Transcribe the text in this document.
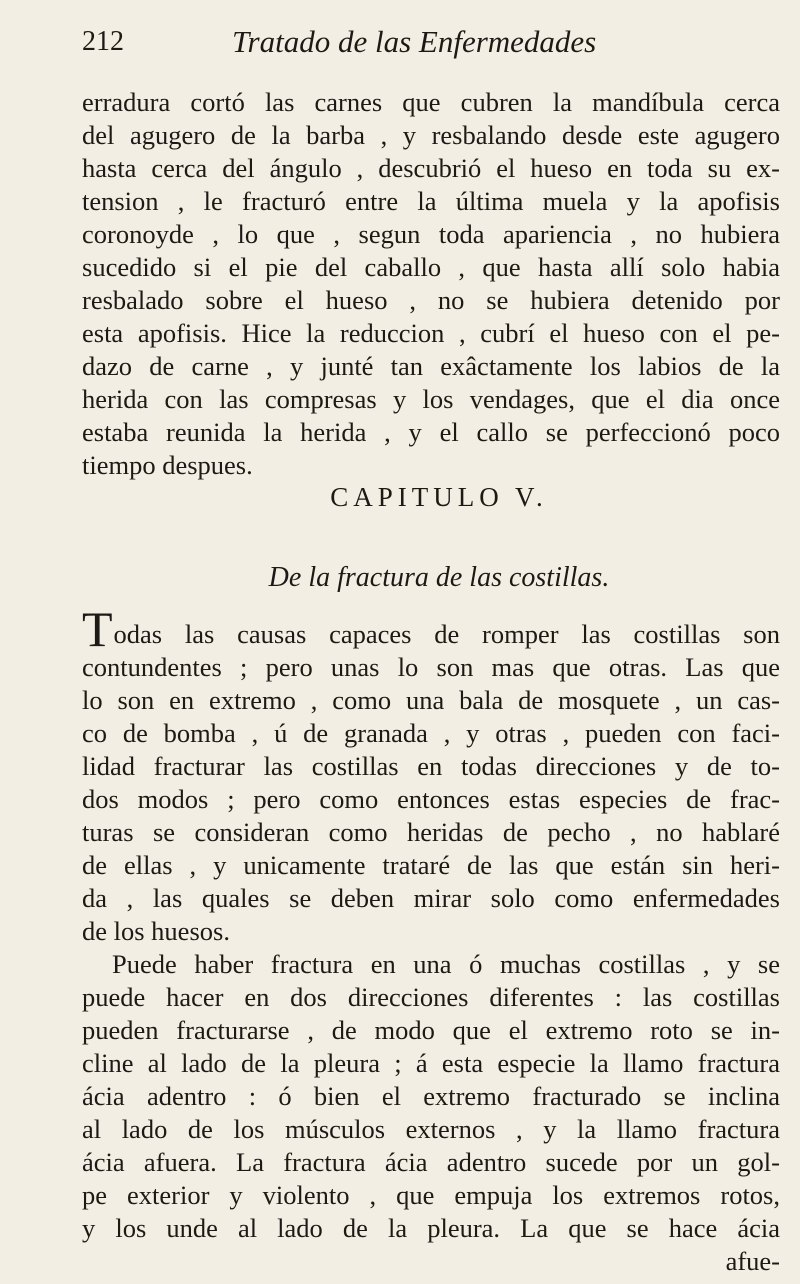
212	Tratado de las Enfermedades
erradura cortó las carnes que cubren la mandíbula cerca
del agugero de la barba , y resbalando desde este agugero
hasta cerca del ángulo , descubrió el hueso en toda su ex-
tension , le fracturó entre la última muela y la apofisis
coronoyde , lo que , segun toda apariencia , no hubiera
sucedido si el pie del caballo , que hasta allí solo habia
resbalado sobre el hueso , no se hubiera detenido por
esta apofisis. Hice la reduccion , cubrí el hueso con el pe-
dazo de carne , y junté tan exâctamente los labios de la
herida con las compresas y los vendages, que el dia once
estaba reunida la herida , y el callo se perfeccionó poco
tiempo despues.
CAPITULO V.
De la fractura de las costillas.
Todas las causas capaces de romper las costillas son
contundentes ; pero unas lo son mas que otras. Las que
lo son en extremo , como una bala de mosquete , un cas-
co de bomba , ú de granada , y otras , pueden con faci-
lidad fracturar las costillas en todas direcciones y de to-
dos modos ; pero como entonces estas especies de frac-
turas se consideran como heridas de pecho , no hablaré
de ellas , y unicamente trataré de las que están sin heri-
da , las quales se deben mirar solo como enfermedades
de los huesos.
Puede haber fractura en una ó muchas costillas , y se
puede hacer en dos direcciones diferentes : las costillas
pueden fracturarse , de modo que el extremo roto se in-
cline al lado de la pleura ; á esta especie la llamo fractura
ácia adentro : ó bien el extremo fracturado se inclina
al lado de los músculos externos , y la llamo fractura
ácia afuera. La fractura ácia adentro sucede por un gol-
pe exterior y violento , que empuja los extremos rotos,
y los unde al lado de la pleura. La que se hace ácia
afue-
